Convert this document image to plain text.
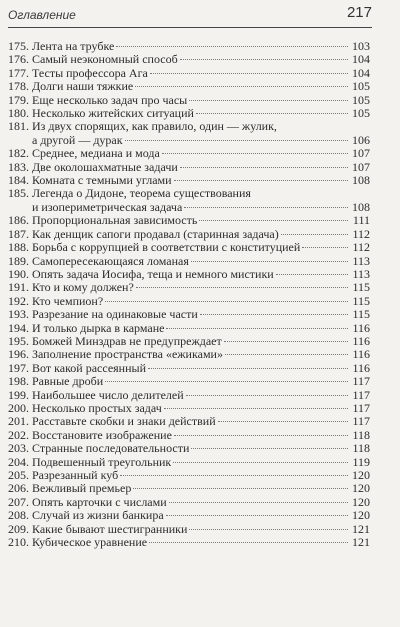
Оглавление	217
175. Лента на трубке	103
176. Самый неэкономный способ	104
177. Тесты профессора Ага	104
178. Долги наши тяжкие	105
179. Еще несколько задач про часы	105
180. Несколько житейских ситуаций	105
181. Из двух спорящих, как правило, один — жулик,
а другой — дурак	106
182. Среднее, медиана и мода	107
183. Две околошахматные задачи	107
184. Комната с темными углами	108
185. Легенда о Дидоне, теорема существования
и изопериметрическая задача	108
186. Пропорциональная зависимость	111
187. Как денщик сапоги продавал (старинная задача)	112
188. Борьба с коррупцией в соответствии с конституцией	112
189. Самопересекающаяся ломаная	113
190. Опять задача Иосифа, теща и немного мистики	113
191. Кто и кому должен?	115
192. Кто чемпион?	115
193. Разрезание на одинаковые части	115
194. И только дырка в кармане	116
195. Бомжей Минздрав не предупреждает	116
196. Заполнение пространства «ежиками»	116
197. Вот какой рассеянный	116
198. Равные дроби	117
199. Наибольшее число делителей	117
200. Несколько простых задач	117
201. Расставьте скобки и знаки действий	117
202. Восстановите изображение	118
203. Странные последовательности	118
204. Подвешенный треугольник	119
205. Разрезанный куб	120
206. Вежливый премьер	120
207. Опять карточки с числами	120
208. Случай из жизни банкира	120
209. Какие бывают шестигранники	121
210. Кубическое уравнение	121
